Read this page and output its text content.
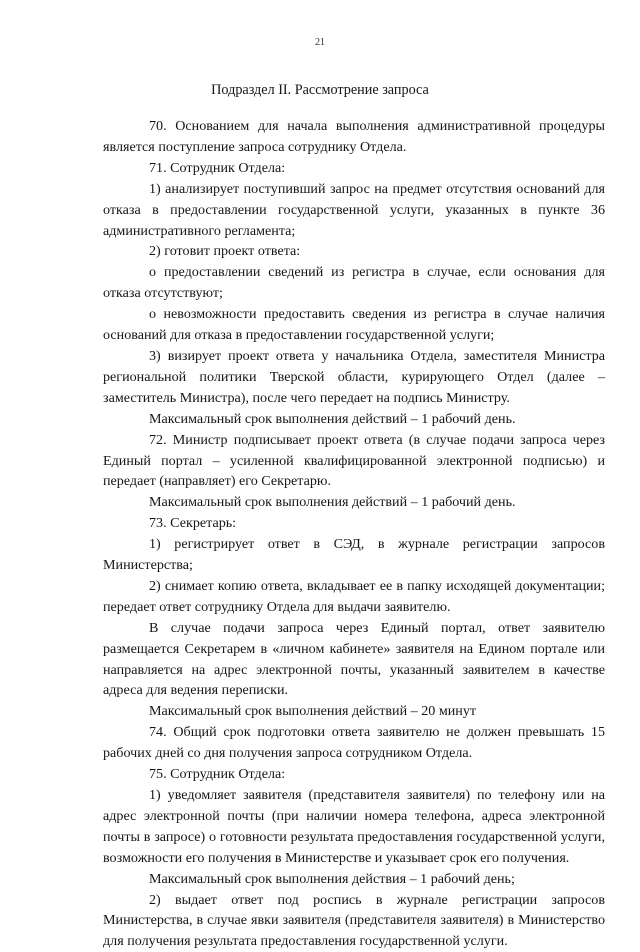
21
Подраздел II. Рассмотрение запроса

70. Основанием для начала выполнения административной процедуры является поступление запроса сотруднику Отдела.

71. Сотрудник Отдела:

1) анализирует поступивший запрос на предмет отсутствия оснований для отказа в предоставлении государственной услуги, указанных в пункте 36 административного регламента;

2) готовит проект ответа:

о предоставлении сведений из регистра в случае, если основания для отказа отсутствуют;

о невозможности предоставить сведения из регистра в случае наличия оснований для отказа в предоставлении государственной услуги;

3) визирует проект ответа у начальника Отдела, заместителя Министра региональной политики Тверской области, курирующего Отдел (далее – заместитель Министра), после чего передает на подпись Министру.

Максимальный срок выполнения действий – 1 рабочий день.

72. Министр подписывает проект ответа (в случае подачи запроса через Единый портал – усиленной квалифицированной электронной подписью) и передает (направляет) его Секретарю.

Максимальный срок выполнения действий – 1 рабочий день.

73. Секретарь:

1) регистрирует ответ в СЭД, в журнале регистрации запросов Министерства;

2) снимает копию ответа, вкладывает ее в папку исходящей документации; передает ответ сотруднику Отдела для выдачи заявителю.

В случае подачи запроса через Единый портал, ответ заявителю размещается Секретарем в «личном кабинете» заявителя на Едином портале или направляется на адрес электронной почты, указанный заявителем в качестве адреса для ведения переписки.

Максимальный срок выполнения действий – 20 минут

74. Общий срок подготовки ответа заявителю не должен превышать 15 рабочих дней со дня получения запроса сотрудником Отдела.

75. Сотрудник Отдела:

1) уведомляет заявителя (представителя заявителя) по телефону или на адрес электронной почты (при наличии номера телефона, адреса электронной почты в запросе) о готовности результата предоставления государственной услуги, возможности его получения в Министерстве и указывает срок его получения.

Максимальный срок выполнения действия – 1 рабочий день;

2) выдает ответ под роспись в журнале регистрации запросов Министерства, в случае явки заявителя (представителя заявителя) в Министерство для получения результата предоставления государственной услуги.
